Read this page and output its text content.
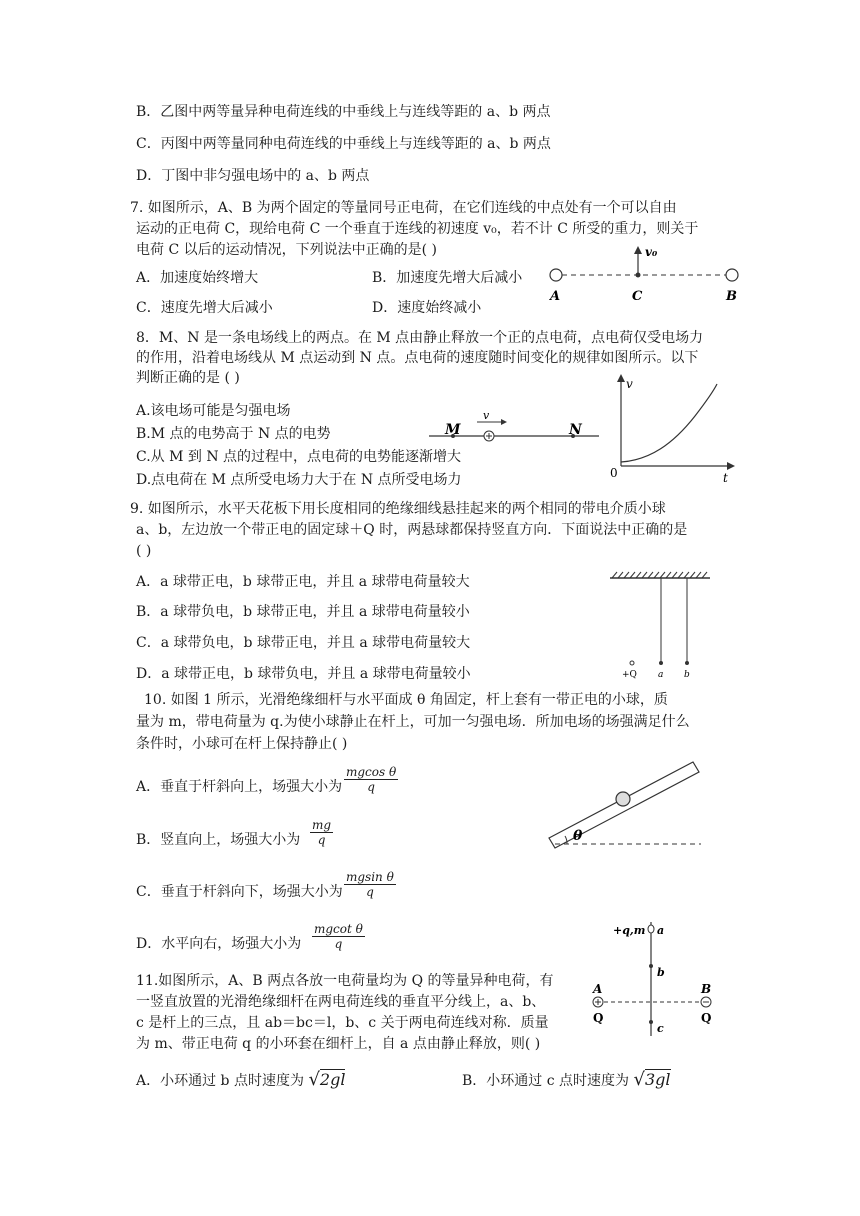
B．乙图中两等量异种电荷连线的中垂线上与连线等距的 a、b 两点
C．丙图中两等量同种电荷连线的中垂线上与连线等距的 a、b 两点
D．丁图中非匀强电场中的 a、b 两点
7. 如图所示，A、B 为两个固定的等量同号正电荷，在它们连线的中点处有一个可以自由
运动的正电荷 C，现给电荷 C 一个垂直于连线的初速度 v₀，若不计 C 所受的重力，则关于
电荷 C 以后的运动情况，下列说法中正确的是( )
A．加速度始终增大	B．加速度先增大后减小
C．速度先增大后减小	D．速度始终减小
v₀
A	C	B
8．M、N 是一条电场线上的两点。在 M 点由静止释放一个正的点电荷，点电荷仅受电场力
的作用，沿着电场线从 M 点运动到 N 点。点电荷的速度随时间变化的规律如图所示。以下
判断正确的是 ( )
A.该电场可能是匀强电场
B.M 点的电势高于 N 点的电势
C.从 M 到 N 点的过程中，点电荷的电势能逐渐增大
D.点电荷在 M 点所受电场力大于在 N 点所受电场力
v
M	N
v
t
0
9. 如图所示，水平天花板下用长度相同的绝缘细线悬挂起来的两个相同的带电介质小球
a、b，左边放一个带正电的固定球＋Q 时，两悬球都保持竖直方向．下面说法中正确的是
( )
A．a 球带正电，b 球带正电，并且 a 球带电荷量较大
B．a 球带负电，b 球带正电，并且 a 球带电荷量较小
C．a 球带负电，b 球带正电，并且 a 球带电荷量较大
D．a 球带正电，b 球带负电，并且 a 球带电荷量较小	+Q a b
10. 如图 1 所示，光滑绝缘细杆与水平面成 θ 角固定，杆上套有一带正电的小球，质
量为 m，带电荷量为 q.为使小球静止在杆上，可加一匀强电场．所加电场的场强满足什么
条件时，小球可在杆上保持静止( )
A．垂直于杆斜向上，场强大小为 $\frac{\text{mgcos θ}}{q}$
B．竖直向上，场强大小为 $\frac{mg}{q}$
C．垂直于杆斜向下，场强大小为 $\frac{\text{mgsin θ}}{q}$
D．水平向右，场强大小为 $\frac{\text{mgcot θ}}{q}$
θ
11.如图所示，A、B 两点各放一电荷量均为 Q 的等量异种电荷，有
一竖直放置的光滑绝缘细杆在两电荷连线的垂直平分线上，a、b、
c 是杆上的三点，且 ab＝bc＝l，b、c 关于两电荷连线对称．质量
为 m、带正电荷 q 的小环套在细杆上，自 a 点由静止释放，则( )
A．小环通过 b 点时速度为 √2gl	B．小环通过 c 点时速度为 √3gl
+q,m a
b
c
A	B
Q	Q
